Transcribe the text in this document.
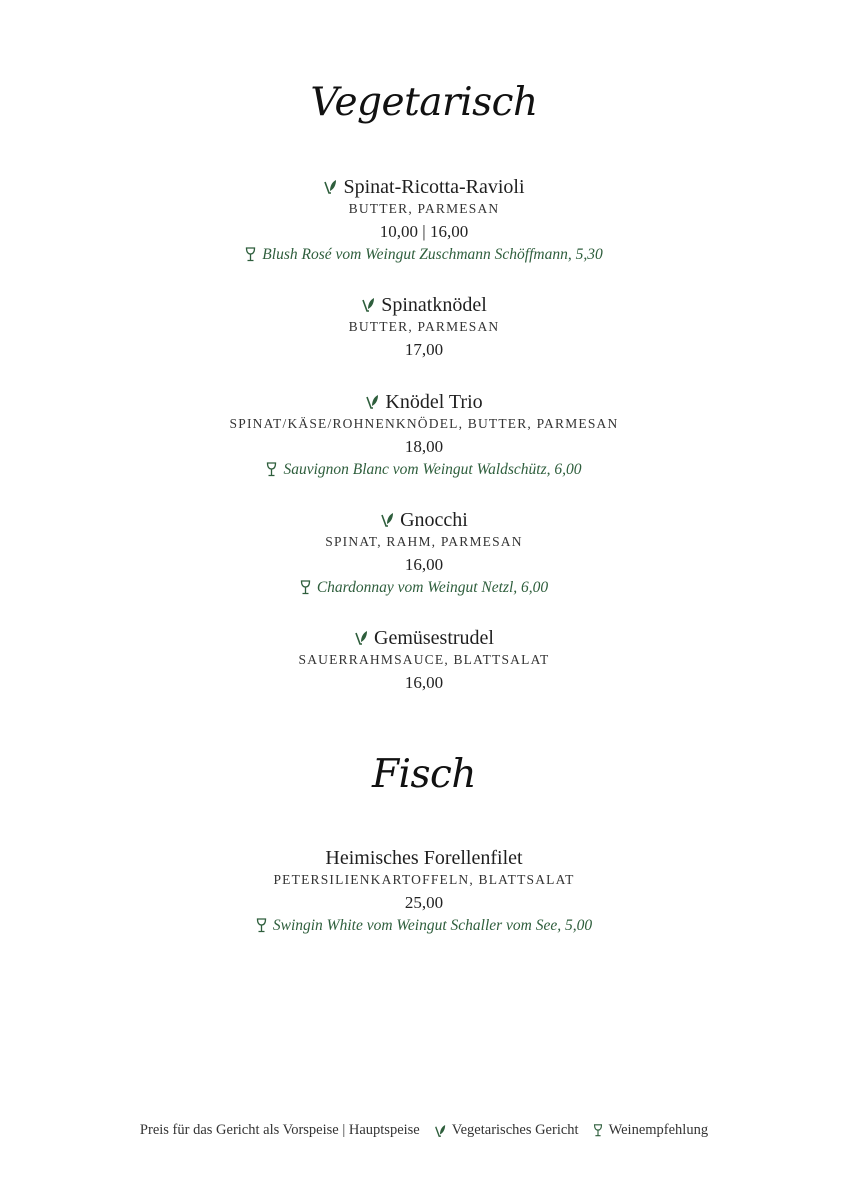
Vegetarisch
Spinat-Ricotta-Ravioli
BUTTER, PARMESAN
10,00 | 16,00
Blush Rosé vom Weingut Zuschmann Schöffmann, 5,30
Spinatknödel
BUTTER, PARMESAN
17,00
Knödel Trio
SPINAT/KÄSE/ROHNENKNÖDEL, BUTTER, PARMESAN
18,00
Sauvignon Blanc vom Weingut Waldschütz, 6,00
Gnocchi
SPINAT, RAHM, PARMESAN
16,00
Chardonnay vom Weingut Netzl, 6,00
Gemüsestrudel
SAUERRAHMSAUCE, BLATTSALAT
16,00
Fisch
Heimisches Forellenfilet
PETERSILIENKARTOFFELN, BLATTSALAT
25,00
Swingin White vom Weingut Schaller vom See, 5,00
Preis für das Gericht als Vorspeise | Hauptspeise Vegetarisches Gericht Weinempfehlung
